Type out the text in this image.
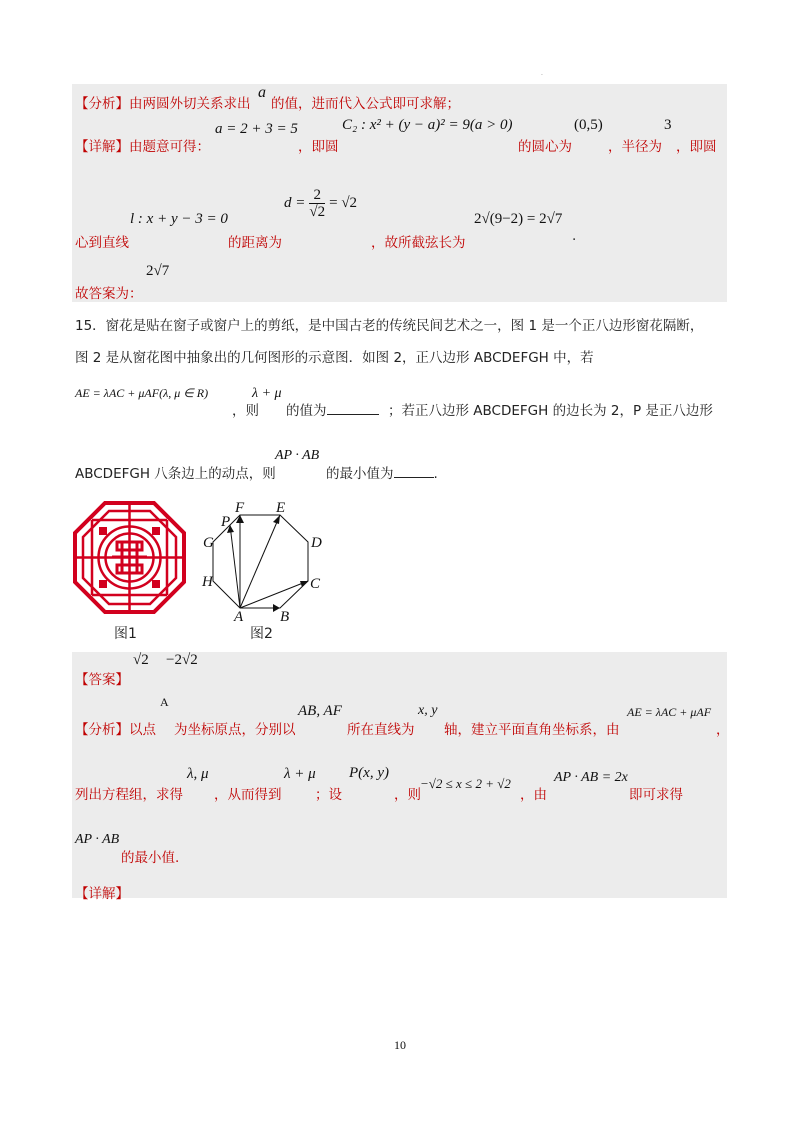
.
【分析】由两圆外切关系求出
a
的值，进而代入公式即可求解；
【详解】由题意可得：
a = 2 + 3 = 5
，即圆
C₂ : x² + (y − a)² = 9(a > 0)
的圆心为
(0,5)
，半径为
3
，即圆
心到直线
l : x + y − 3 = 0
的距离为
$d = \frac{2}{√2} = √2$
，故所截弦长为
2√(9−2) = 2√7
.
故答案为：
2√7
15．窗花是贴在窗子或窗户上的剪纸，是中国古老的传统民间艺术之一，图 1 是一个正八边形窗花隔断，
图 2 是从窗花图中抽象出的几何图形的示意图．如图 2，正八边形 ABCDEFGH 中，若
AE = λAC + μAF(λ, μ ∈ R)
，则
λ + μ
的值为	；若正八边形 ABCDEFGH 的边长为 2，P 是正八边形
ABCDEFGH 八条边上的动点，则
AP · AB
的最小值为	.
图1
A B
C
D
E
F
G
H
P
图2
【答案】
√2 −2√2
【分析】以点
A
为坐标原点，分别以
AB, AF
所在直线为
x, y
轴，建立平面直角坐标系，由
AE = λAC + μAF
，
列出方程组，求得
λ, μ
，从而得到
λ + μ
；设
P(x, y)
，则
−√2 ≤ x ≤ 2 + √2
，由
AP · AB = 2x
即可求得
AP · AB
的最小值.
【详解】
10
